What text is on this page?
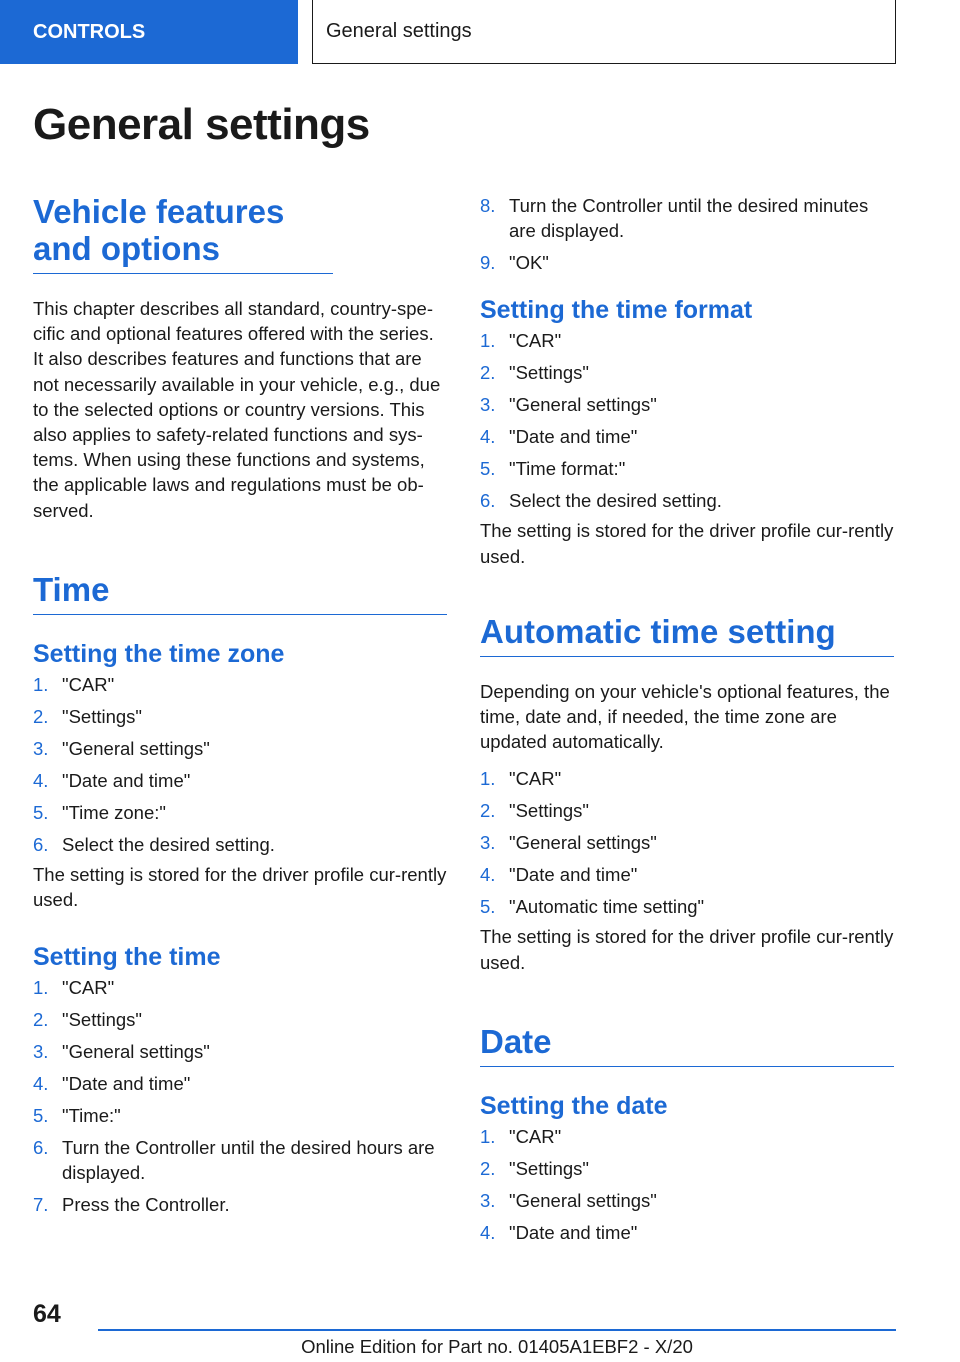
CONTROLS	General settings
General settings
Vehicle features and options

This chapter describes all standard, country-spe-cific and optional features offered with the series. It also describes features and functions that are not necessarily available in your vehicle, e.g., due to the selected options or country versions. This also applies to safety-related functions and sys-tems. When using these functions and systems, the applicable laws and regulations must be ob-served.

Time
Setting the time zone
1. "CAR"
2. "Settings"
3. "General settings"
4. "Date and time"
5. "Time zone:"
6. Select the desired setting.

The setting is stored for the driver profile cur-rently used.

Setting the time
1. "CAR"
2. "Settings"
3. "General settings"
4. "Date and time"
5. "Time:"
6. Turn the Controller until the desired hours are displayed.
7. Press the Controller.
8. Turn the Controller until the desired minutes are displayed.
9. "OK"
Setting the time format
1. "CAR"
2. "Settings"
3. "General settings"
4. "Date and time"
5. "Time format:"
6. Select the desired setting.

The setting is stored for the driver profile cur-rently used.

Automatic time setting

Depending on your vehicle's optional features, the time, date and, if needed, the time zone are updated automatically.

1. "CAR"
2. "Settings"
3. "General settings"
4. "Date and time"
5. "Automatic time setting"

The setting is stored for the driver profile cur-rently used.

Date
Setting the date
1. "CAR"
2. "Settings"
3. "General settings"
4. "Date and time"
64
Online Edition for Part no. 01405A1EBF2 - X/20
